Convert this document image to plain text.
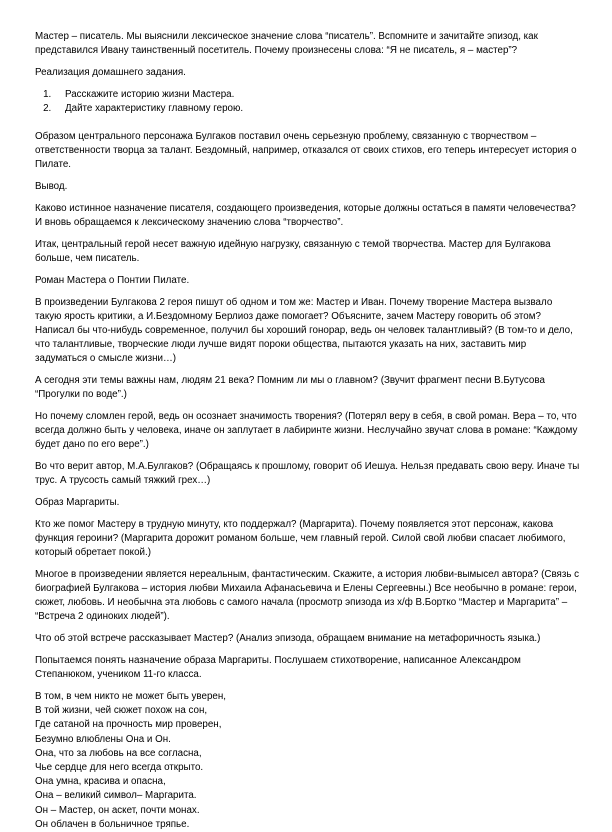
Мастер – писатель. Мы выяснили лексическое значение слова “писатель”. Вспомните и зачитайте эпизод, как представился Ивану таинственный посетитель. Почему произнесены слова: “Я не писатель, я – мастер”?

Реализация домашнего задания.

1. Расскажите историю жизни Мастера.
2. Дайте характеристику главному герою.

Образом центрального персонажа Булгаков поставил очень серьезную проблему, связанную с творчеством – ответственности творца за талант. Бездомный, например, отказался от своих стихов, его теперь интересует история о Пилате.

Вывод.

Каково истинное назначение писателя, создающего произведения, которые должны остаться в памяти человечества? И вновь обращаемся к лексическому значению слова “творчество”.

Итак, центральный герой несет важную идейную нагрузку, связанную с темой творчества. Мастер для Булгакова больше, чем писатель.

Роман Мастера о Понтии Пилате.

В произведении Булгакова 2 героя пишут об одном и том же: Мастер и Иван. Почему творение Мастера вызвало такую ярость критики, а И.Бездомному Берлиоз даже помогает? Объясните, зачем Мастеру говорить об этом? Написал бы что-нибудь современное, получил бы хороший гонорар, ведь он человек талантливый? (В том-то и дело, что талантливые, творческие люди лучше видят пороки общества, пытаются указать на них, заставить мир задуматься о смысле жизни…)

А сегодня эти темы важны нам, людям 21 века? Помним ли мы о главном? (Звучит фрагмент песни В.Бутусова “Прогулки по воде”.)

Но почему сломлен герой, ведь он осознает значимость творения? (Потерял веру в себя, в свой роман. Вера – то, что всегда должно быть у человека, иначе он заплутает в лабиринте жизни. Неслучайно звучат слова в романе: “Каждому будет дано по его вере”.)

Во что верит автор, М.А.Булгаков? (Обращаясь к прошлому, говорит об Иешуа. Нельзя предавать свою веру. Иначе ты трус. А трусость самый тяжкий грех…)

Образ Маргариты.

Кто же помог Мастеру в трудную минуту, кто поддержал? (Маргарита). Почему появляется этот персонаж, какова функция героини? (Маргарита дорожит романом больше, чем главный герой. Силой свой любви спасает любимого, который обретает покой.)

Многое в произведении является нереальным, фантастическим. Скажите, а история любви-вымысел автора? (Связь с биографией Булгакова – история любви Михаила Афанасьевича и Елены Сергеевны.) Все необычно в романе: герои, сюжет, любовь. И необычна эта любовь с самого начала (просмотр эпизода из х/ф В.Бортко “Мастер и Маргарита” – “Встреча 2 одиноких людей”).

Что об этой встрече рассказывает Мастер? (Анализ эпизода, обращаем внимание на метафоричность языка.)

Попытаемся понять назначение образа Маргариты. Послушаем стихотворение, написанное Александром Степанюком, учеником 11-го класса.

В том, в чем никто не может быть уверен,
В той жизни, чей сюжет похож на сон,
Где сатаной на прочность мир проверен,
Безумно влюблены Она и Он.
Она, что за любовь на все согласна,
Чье сердце для него всегда открыто.
Она умна, красива и опасна,
Она – великий символ– Маргарита.
Он – Мастер, он аскет, почти монах.
Он облачен в больничное тряпье.
